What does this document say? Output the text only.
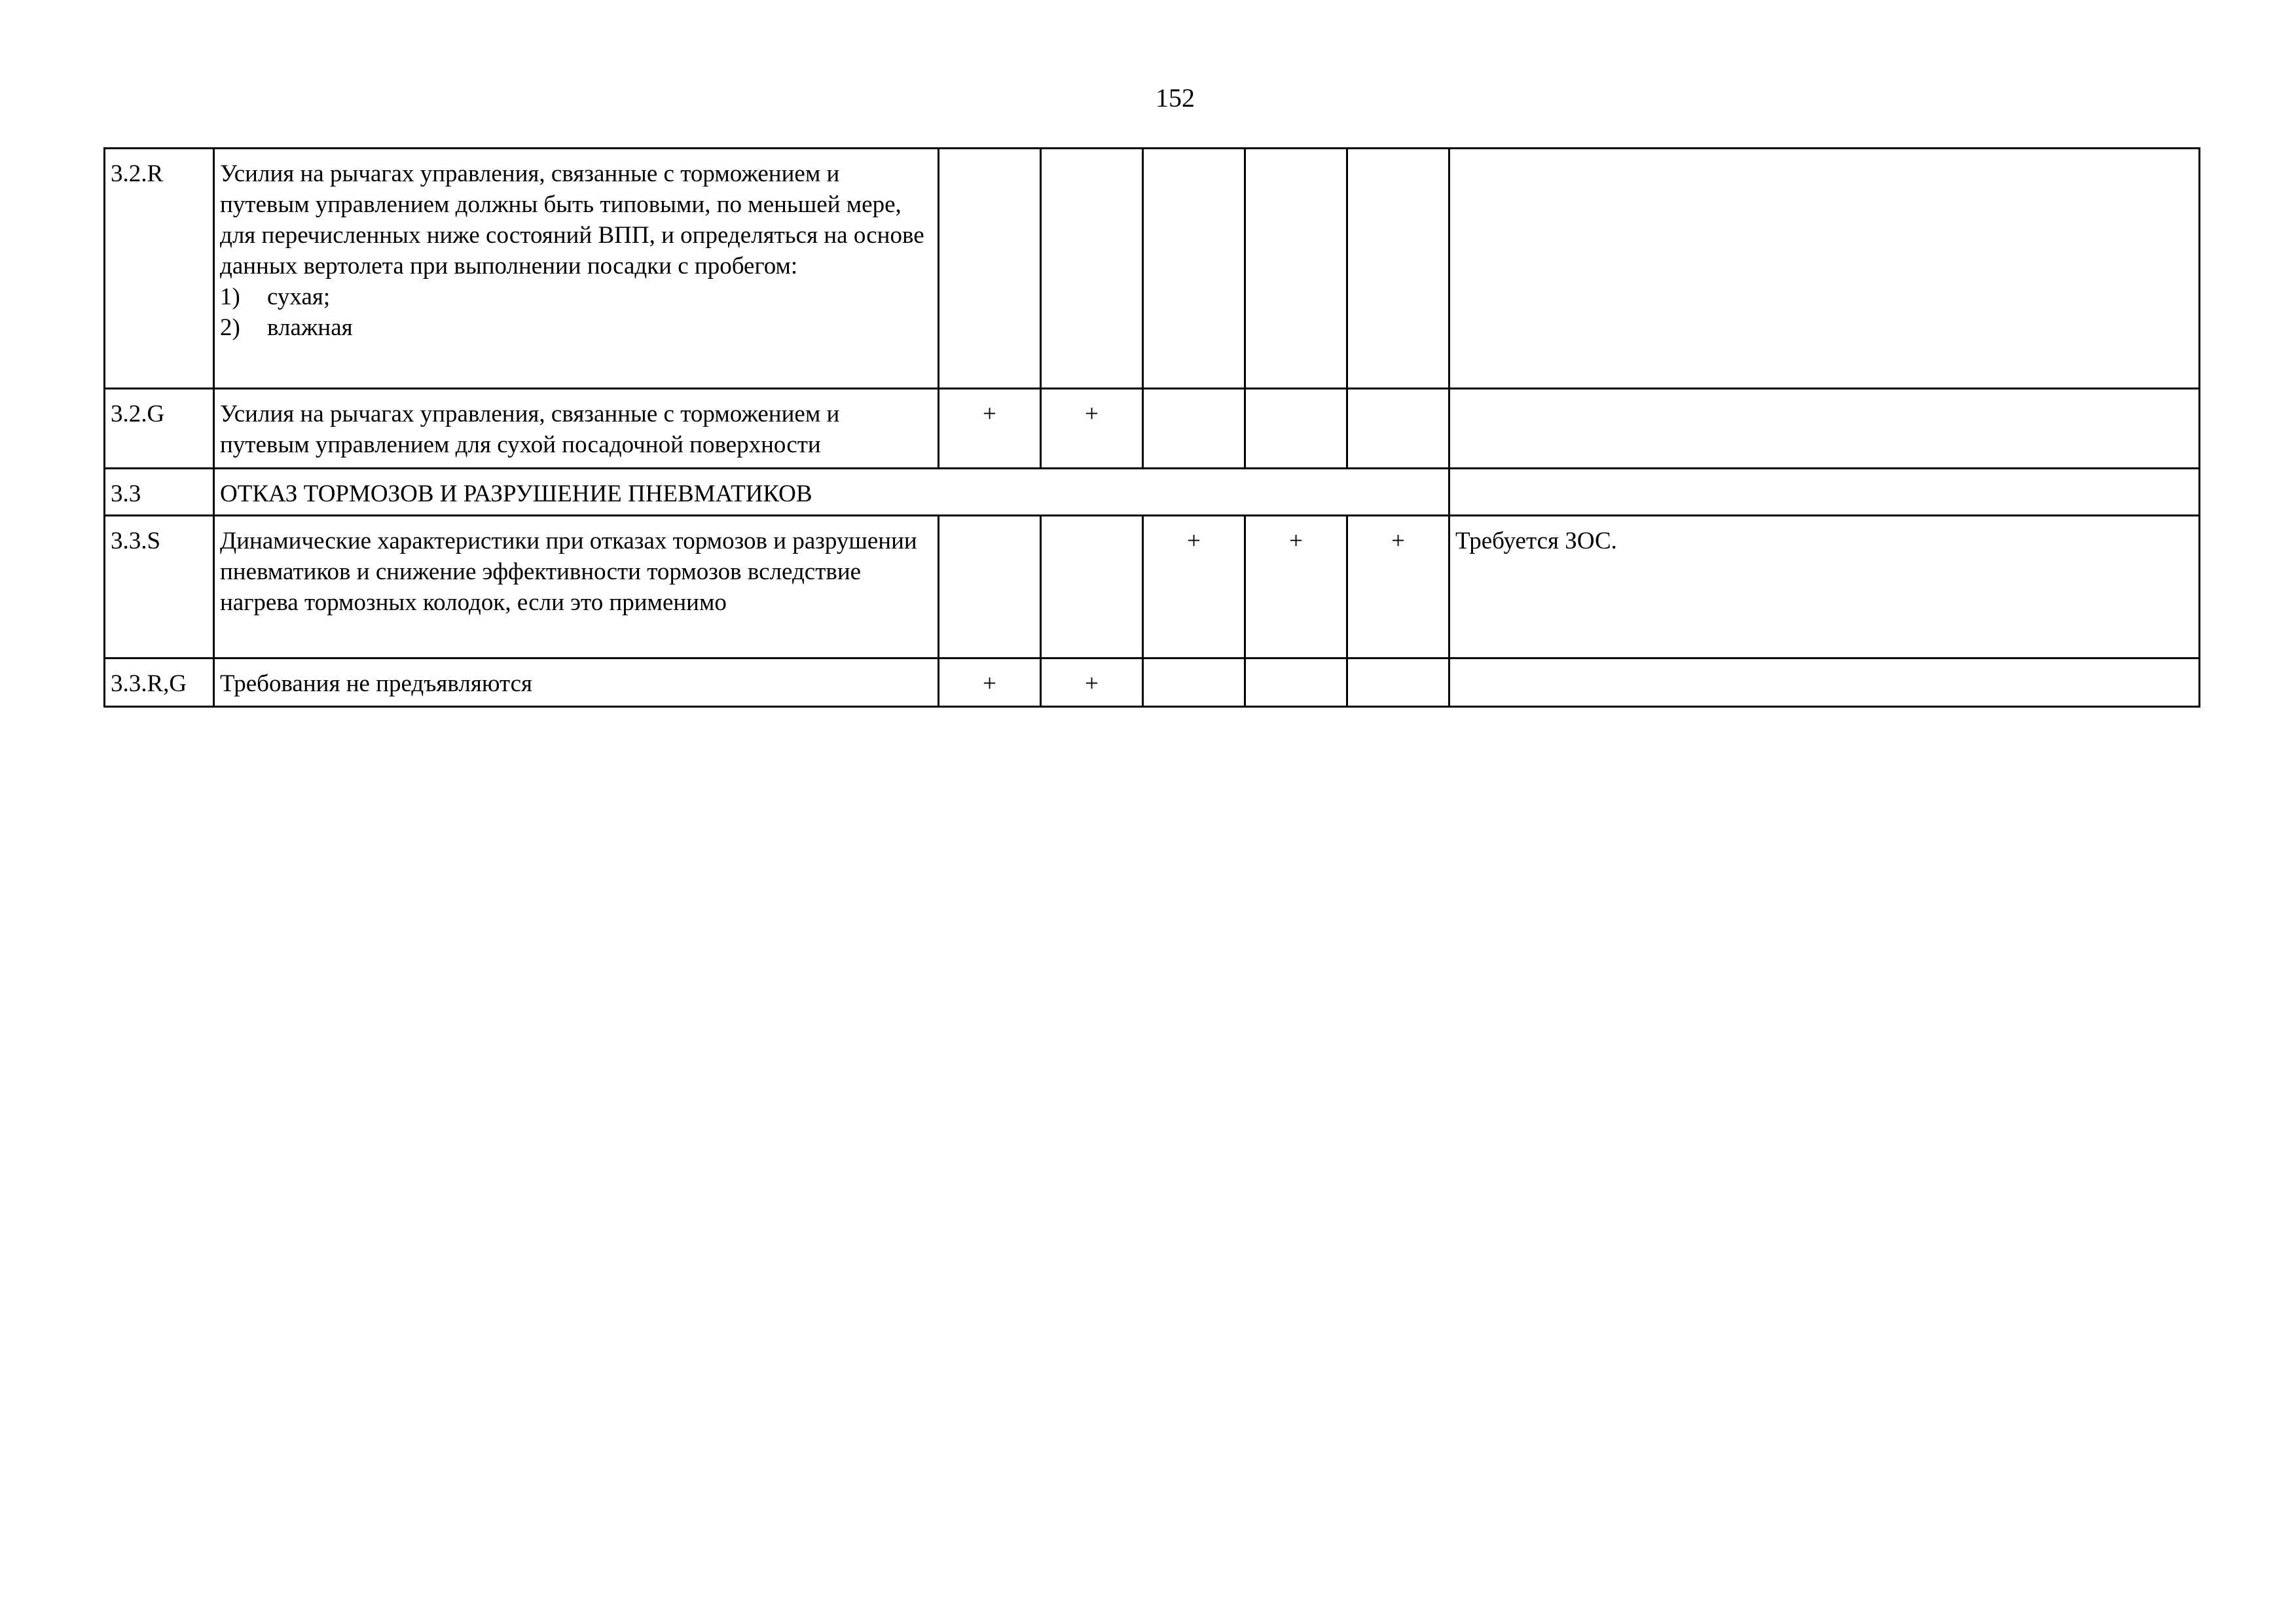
152
3.2.R	Усилия на рычагах управления, связанные с торможением и путевым управлением должны быть типовыми, по меньшей мере, для перечисленных ниже состояний ВПП, и определяться на основе данных вертолета при выполнении посадки с пробегом:
1) сухая;
2) влажная						

3.2.G	Усилия на рычагах управления, связанные с торможением и путевым управлением для сухой посадочной поверхности	+	+				
3.3	ОТКАЗ ТОРМОЗОВ И РАЗРУШЕНИЕ ПНЕВМАТИКОВ						
3.3.S	Динамические характеристики при отказах тормозов и разрушении пневматиков и снижение эффективности тормозов вследствие нагрева тормозных колодок, если это применимо			+	+	+	Требуется ЗОС.
3.3.R,G	Требования не предъявляются	+	+				
